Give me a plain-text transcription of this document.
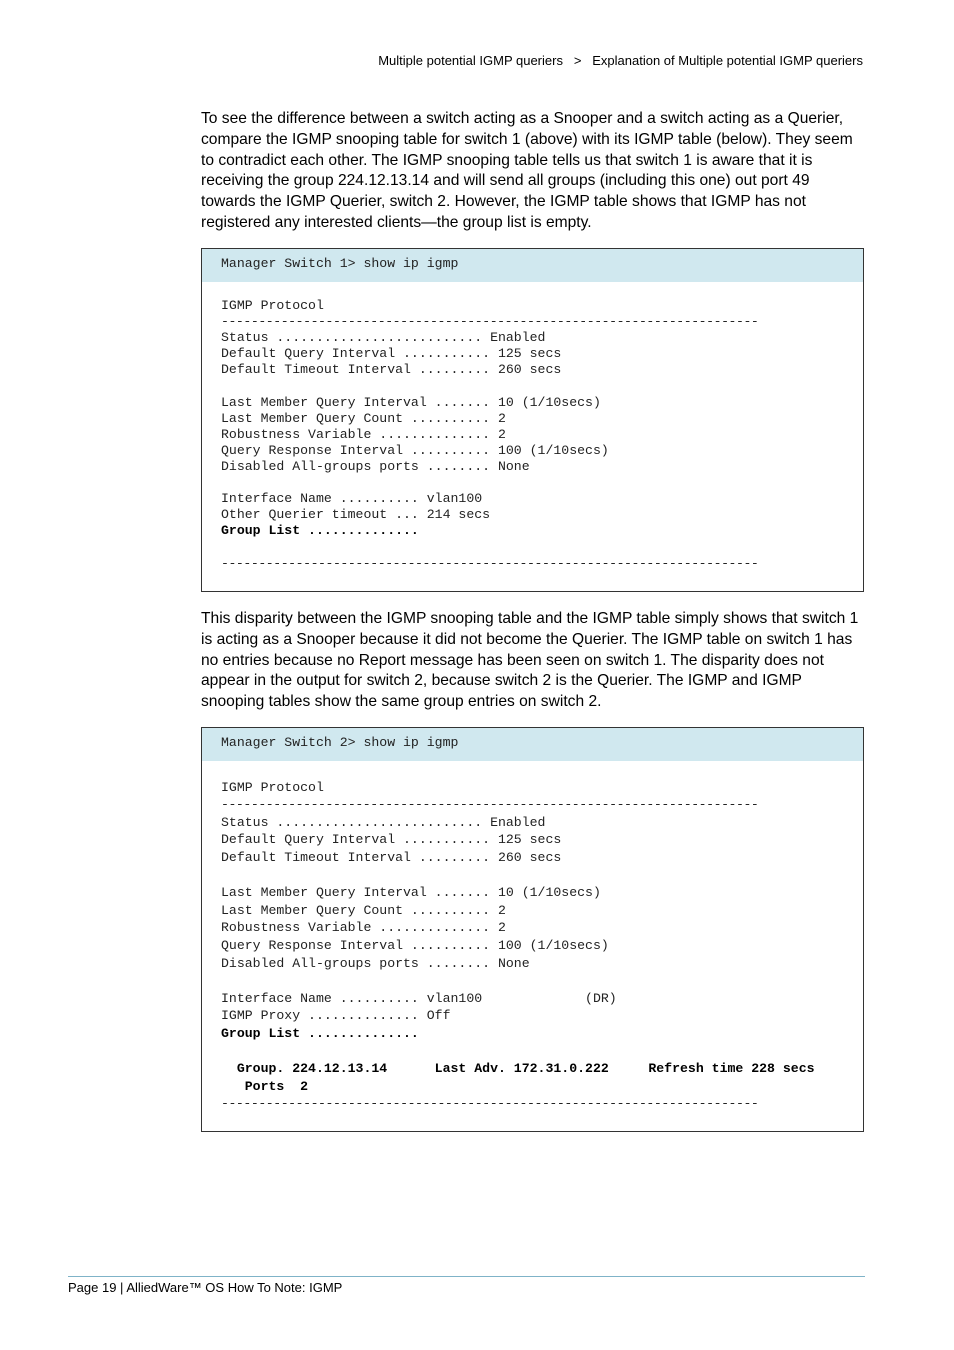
Multiple potential IGMP queriers > Explanation of Multiple potential IGMP queriers

To see the difference between a switch acting as a Snooper and a switch acting as a Querier, compare the IGMP snooping table for switch 1 (above) with its IGMP table (below). They seem to contradict each other. The IGMP snooping table tells us that switch 1 is aware that it is receiving the group 224.12.13.14 and will send all groups (including this one) out port 49 towards the IGMP Querier, switch 2. However, the IGMP table shows that IGMP has not registered any interested clients—the group list is empty.

Manager Switch 1> show ip igmp

IGMP Protocol
------------------------------------------------------------------------
Status .......................... Enabled
Default Query Interval ........... 125 secs
Default Timeout Interval ......... 260 secs

Last Member Query Interval ....... 10 (1/10secs)
Last Member Query Count .......... 2
Robustness Variable .............. 2
Query Response Interval .......... 100 (1/10secs)
Disabled All-groups ports ........ None

Interface Name .......... vlan100
Other Querier timeout ... 214 secs
Group List ..............

------------------------------------------------------------------------

This disparity between the IGMP snooping table and the IGMP table simply shows that switch 1 is acting as a Snooper because it did not become the Querier. The IGMP table on switch 1 has no entries because no Report message has been seen on switch 1. The disparity does not appear in the output for switch 2, because switch 2 is the Querier. The IGMP and IGMP snooping tables show the same group entries on switch 2.

Manager Switch 2> show ip igmp

IGMP Protocol
------------------------------------------------------------------------
Status .......................... Enabled
Default Query Interval ........... 125 secs
Default Timeout Interval ......... 260 secs

Last Member Query Interval ....... 10 (1/10secs)
Last Member Query Count .......... 2
Robustness Variable .............. 2
Query Response Interval .......... 100 (1/10secs)
Disabled All-groups ports ........ None

Interface Name .......... vlan100             (DR)
IGMP Proxy .............. Off
Group List ..............

Group. 224.12.13.14      Last Adv. 172.31.0.222     Refresh time 228 secs
Ports  2
------------------------------------------------------------------------
Page 19 | AlliedWare™ OS How To Note: IGMP
